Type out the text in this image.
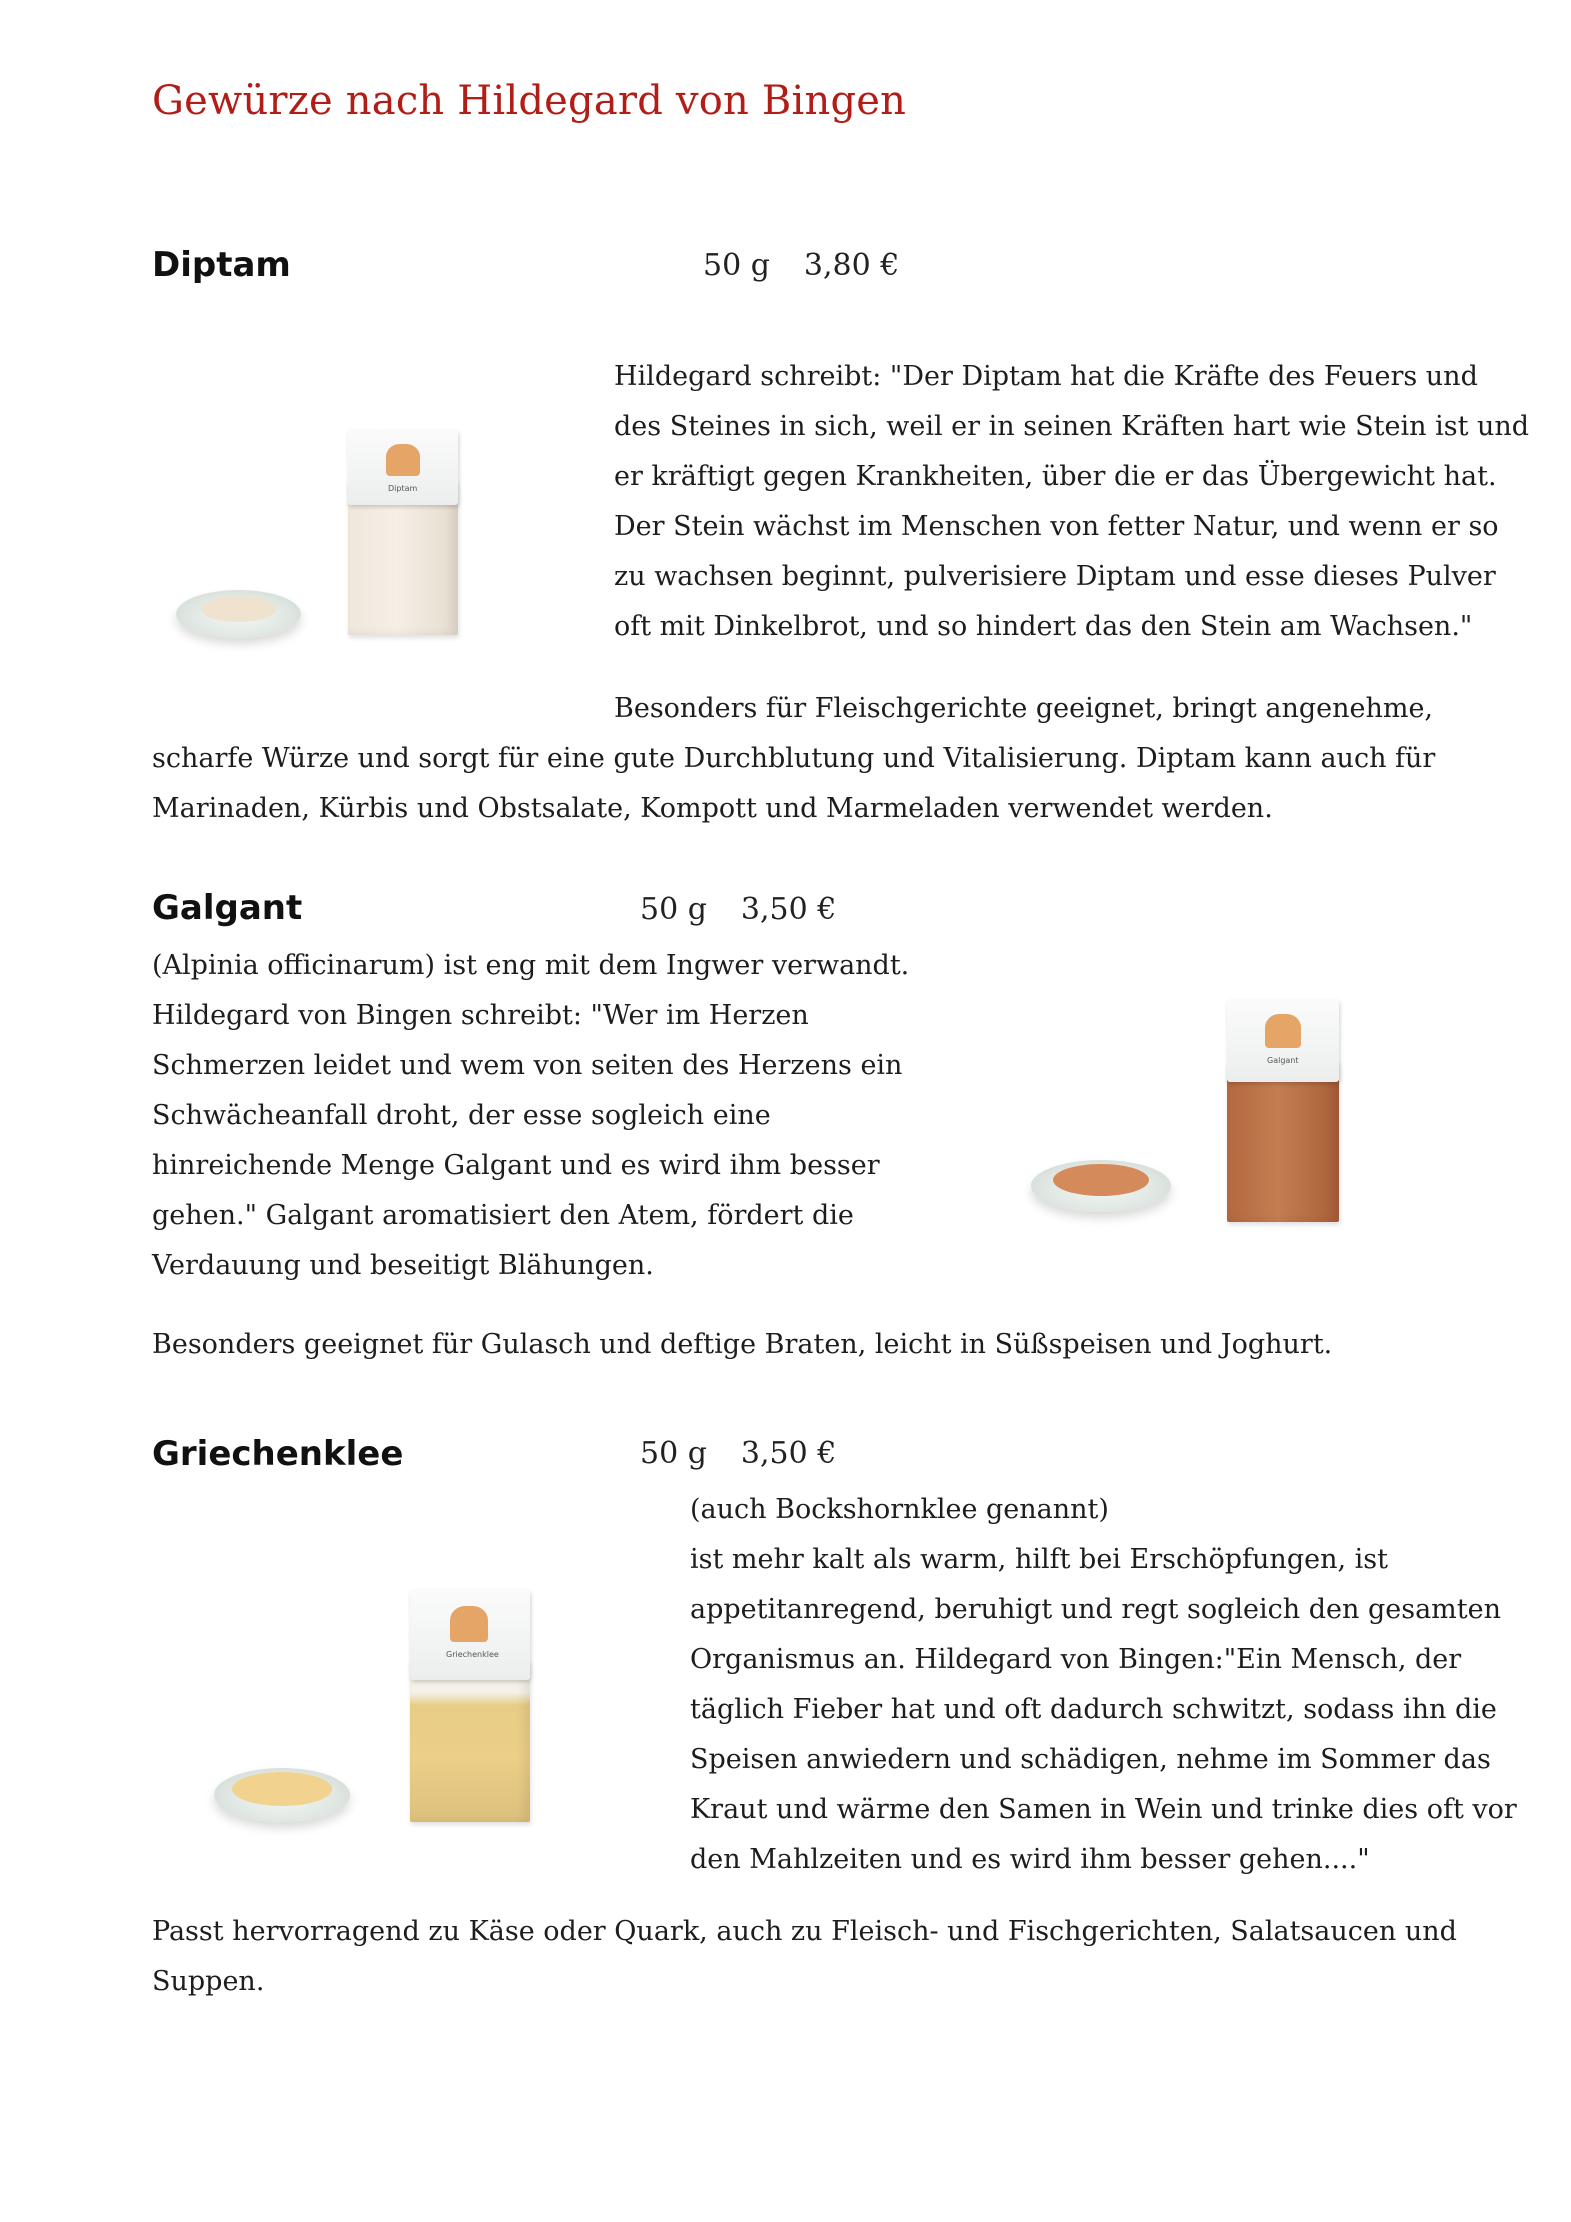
Gewürze nach Hildegard von Bingen
Diptam	50 g 3,80 €
Diptam
Hildegard schreibt: "Der Diptam hat die Kräfte des Feuers und
des Steines in sich, weil er in seinen Kräften hart wie Stein ist und
er kräftigt gegen Krankheiten, über die er das Übergewicht hat.
Der Stein wächst im Menschen von fetter Natur, und wenn er so
zu wachsen beginnt, pulverisiere Diptam und esse dieses Pulver
oft mit Dinkelbrot, und so hindert das den Stein am Wachsen."
Besonders für Fleischgerichte geeignet, bringt angenehme,
scharfe Würze und sorgt für eine gute Durchblutung und Vitalisierung. Diptam kann auch für
Marinaden, Kürbis und Obstsalate, Kompott und Marmeladen verwendet werden.
Galgant	50 g 3,50 €
(Alpinia officinarum) ist eng mit dem Ingwer verwandt.
Hildegard von Bingen schreibt: "Wer im Herzen
Schmerzen leidet und wem von seiten des Herzens ein
Schwächeanfall droht, der esse sogleich eine
hinreichende Menge Galgant und es wird ihm besser
gehen." Galgant aromatisiert den Atem, fördert die
Verdauung und beseitigt Blähungen.
Galgant
Besonders geeignet für Gulasch und deftige Braten, leicht in Süßspeisen und Joghurt.
Griechenklee	50 g 3,50 €
Griechenklee
(auch Bockshornklee genannt)
ist mehr kalt als warm, hilft bei Erschöpfungen, ist
appetitanregend, beruhigt und regt sogleich den gesamten
Organismus an. Hildegard von Bingen:"Ein Mensch, der
täglich Fieber hat und oft dadurch schwitzt, sodass ihn die
Speisen anwiedern und schädigen, nehme im Sommer das
Kraut und wärme den Samen in Wein und trinke dies oft vor
den Mahlzeiten und es wird ihm besser gehen...."
Passt hervorragend zu Käse oder Quark, auch zu Fleisch- und Fischgerichten, Salatsaucen und
Suppen.
